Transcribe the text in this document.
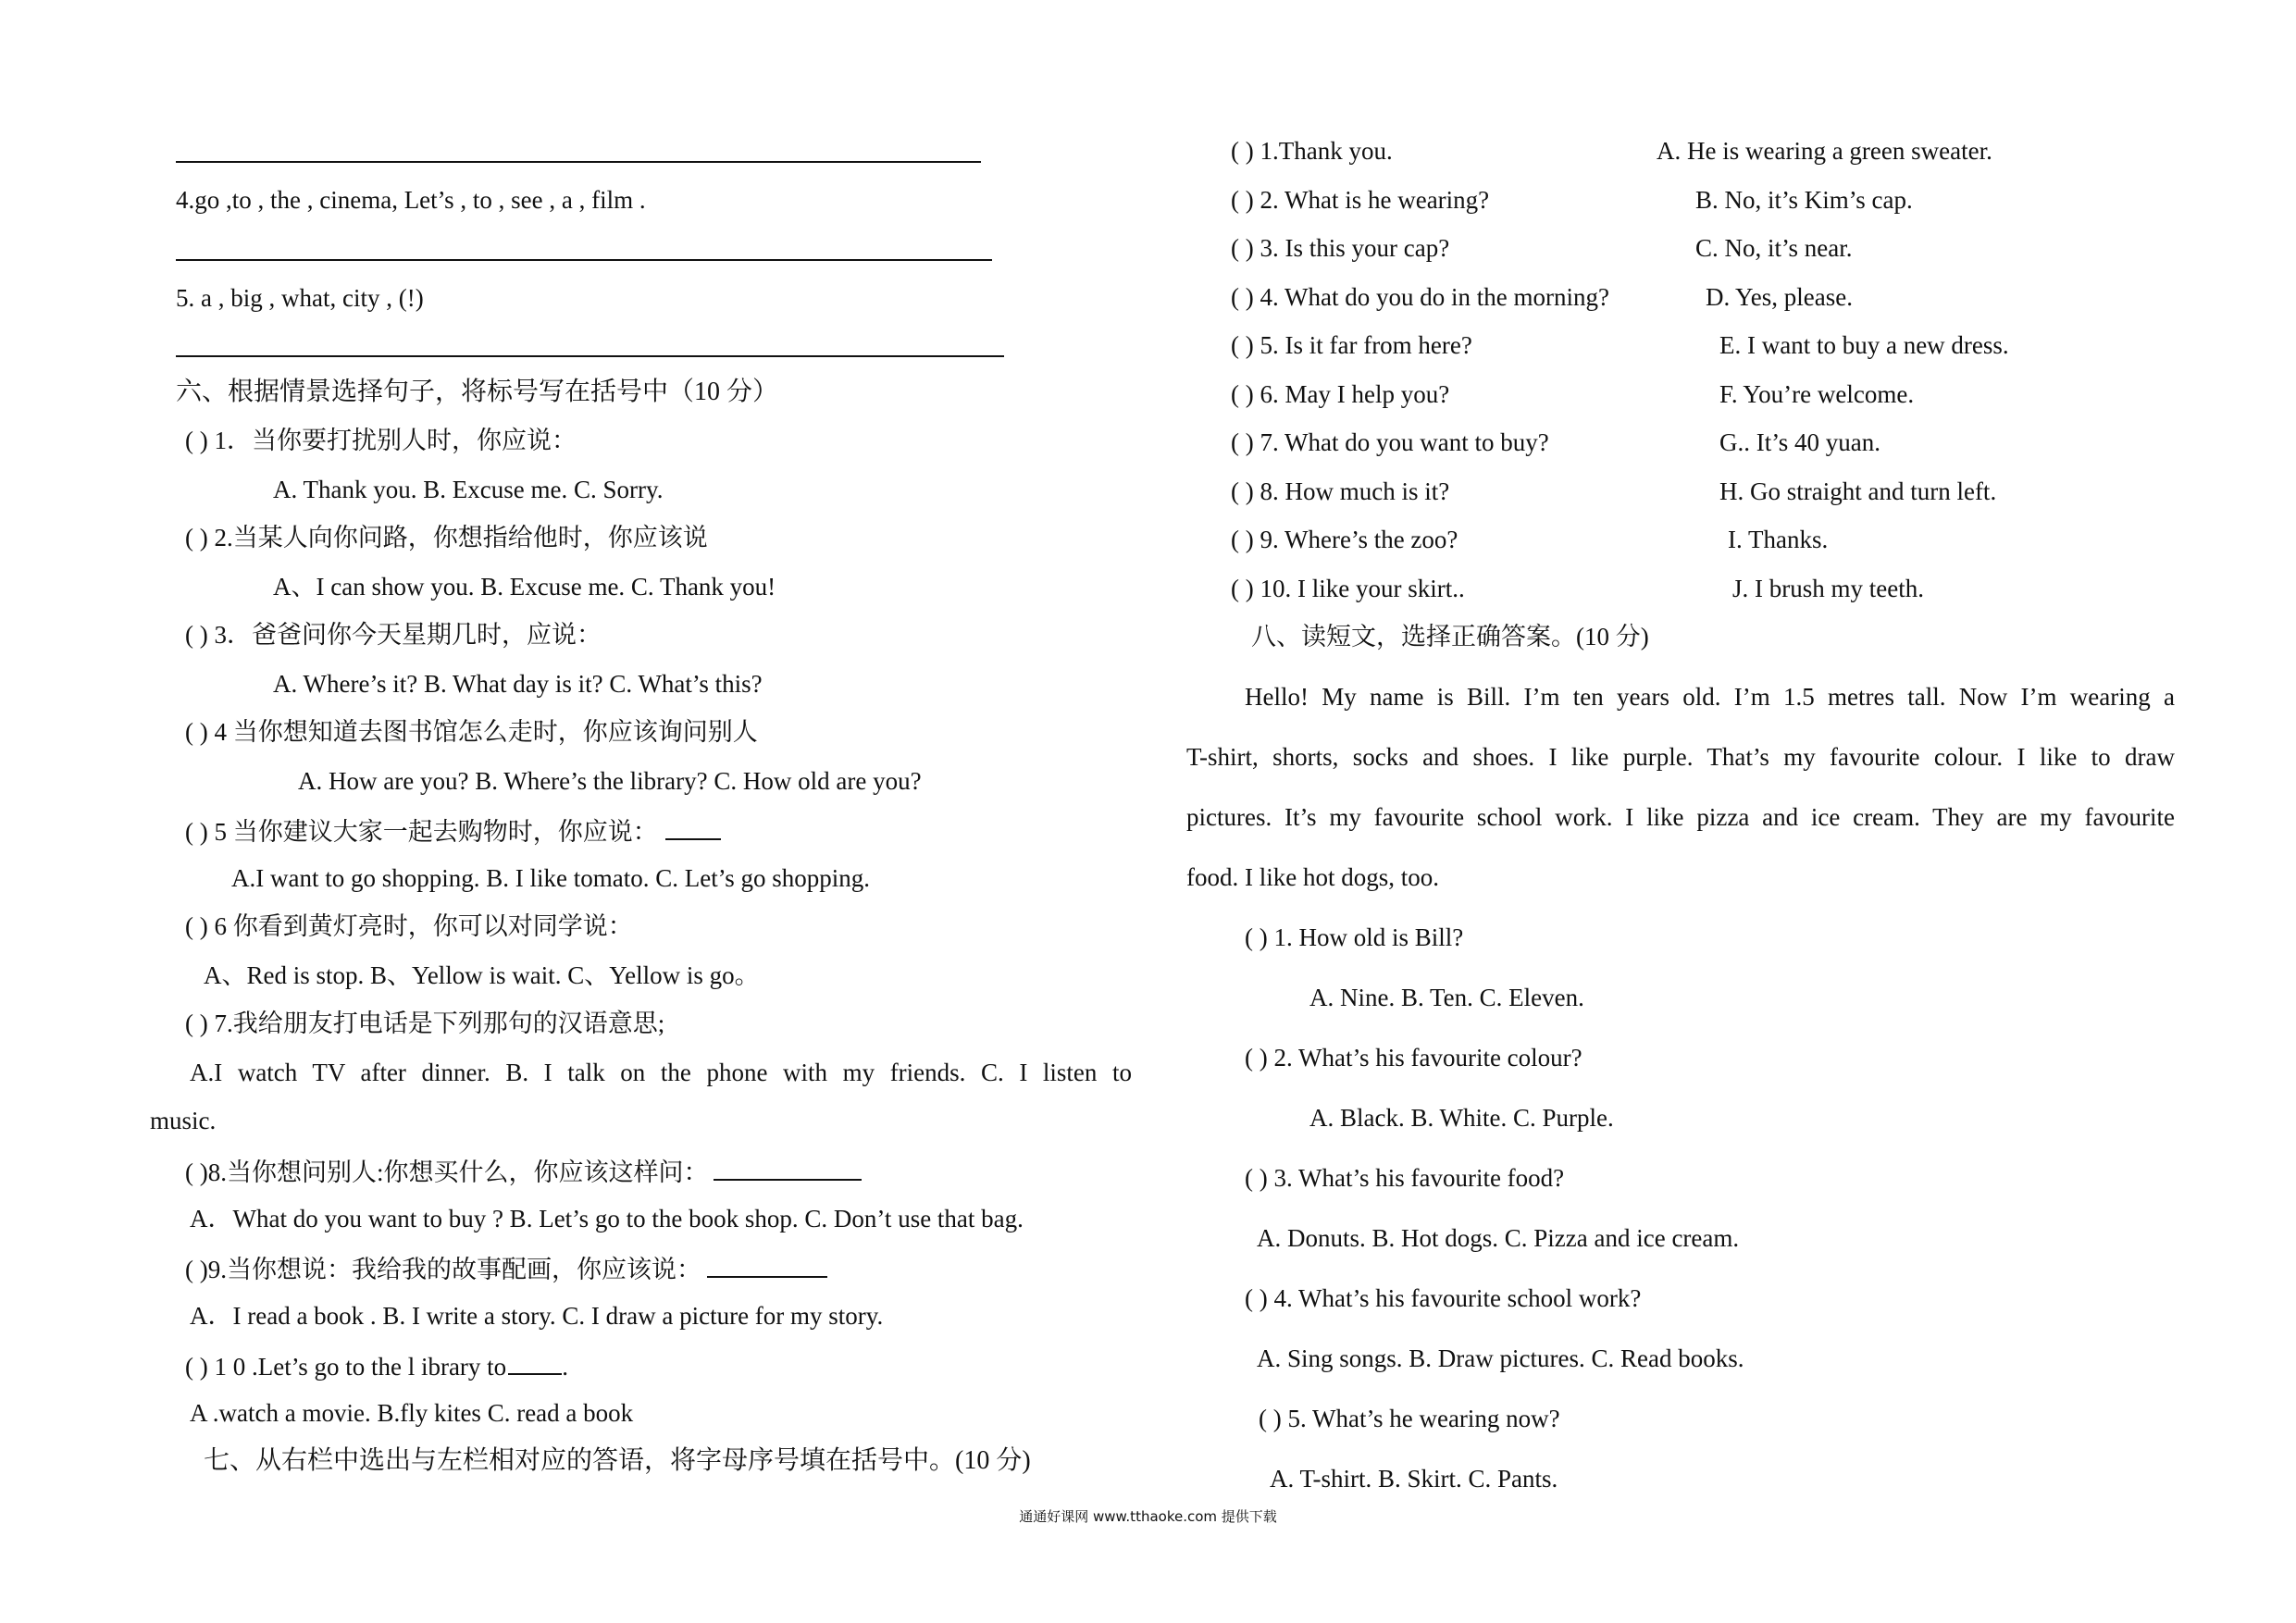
4.go ,to , the , cinema, Let’s , to , see , a , film .
5. a , big , what, city , (!)
六、根据情景选择句子，将标号写在括号中（10 分）
( ) 1．当你要打扰别人时，你应说：
A. Thank you. B. Excuse me. C. Sorry.
( ) 2.当某人向你问路，你想指给他时，你应该说
A、I can show you. B. Excuse me. C. Thank you!
( ) 3．爸爸问你今天星期几时，应说：
A. Where’s it? B. What day is it? C. What’s this?
( ) 4 当你想知道去图书馆怎么走时，你应该询问别人
A. How are you? B. Where’s the library? C. How old are you?
( ) 5 当你建议大家一起去购物时，你应说：
A.I want to go shopping. B. I like tomato. C. Let’s go shopping.
( ) 6 你看到黄灯亮时，你可以对同学说：
A、Red is stop. B、Yellow is wait. C、Yellow is go。
( ) 7.我给朋友打电话是下列那句的汉语意思;
A.I watch TV after dinner. B. I talk on the phone with my friends. C. I listen to
music.
( )8.当你想问别人:你想买什么，你应该这样问：
A．What do you want to buy ? B. Let’s go to the book shop. C. Don’t use that bag.
( )9.当你想说：我给我的故事配画，你应该说：
A．I read a book . B. I write a story. C. I draw a picture for my story.
( ) 1 0 .Let’s go to the l ibrary to .
A .watch a movie. B.fly kites C. read a book
七、从右栏中选出与左栏相对应的答语，将字母序号填在括号中。(10 分)
( ) 1.Thank you.	A. He is wearing a green sweater.
( ) 2. What is he wearing?	B. No, it’s Kim’s cap.
( ) 3. Is this your cap?	C. No, it’s near.
( ) 4. What do you do in the morning?	D. Yes, please.
( ) 5. Is it far from here?	E. I want to buy a new dress.
( ) 6. May I help you?	F. You’re welcome.
( ) 7. What do you want to buy?	G.. It’s 40 yuan.
( ) 8. How much is it?	H. Go straight and turn left.
( ) 9. Where’s the zoo?	I. Thanks.
( ) 10. I like your skirt..	J. I brush my teeth.
八、读短文，选择正确答案。(10 分)
Hello! My name is Bill. I’m ten years old. I’m 1.5 metres tall. Now I’m wearing a
T-shirt, shorts, socks and shoes. I like purple. That’s my favourite colour. I like to draw
pictures. It’s my favourite school work. I like pizza and ice cream. They are my favourite
food. I like hot dogs, too.
( ) 1. How old is Bill?
A. Nine. B. Ten. C. Eleven.
( ) 2. What’s his favourite colour?
A. Black. B. White. C. Purple.
( ) 3. What’s his favourite food?
A. Donuts. B. Hot dogs. C. Pizza and ice cream.
( ) 4. What’s his favourite school work?
A. Sing songs. B. Draw pictures. C. Read books.
( ) 5. What’s he wearing now?
A. T-shirt. B. Skirt. C. Pants.
通通好课网 www.tthaoke.com 提供下载
